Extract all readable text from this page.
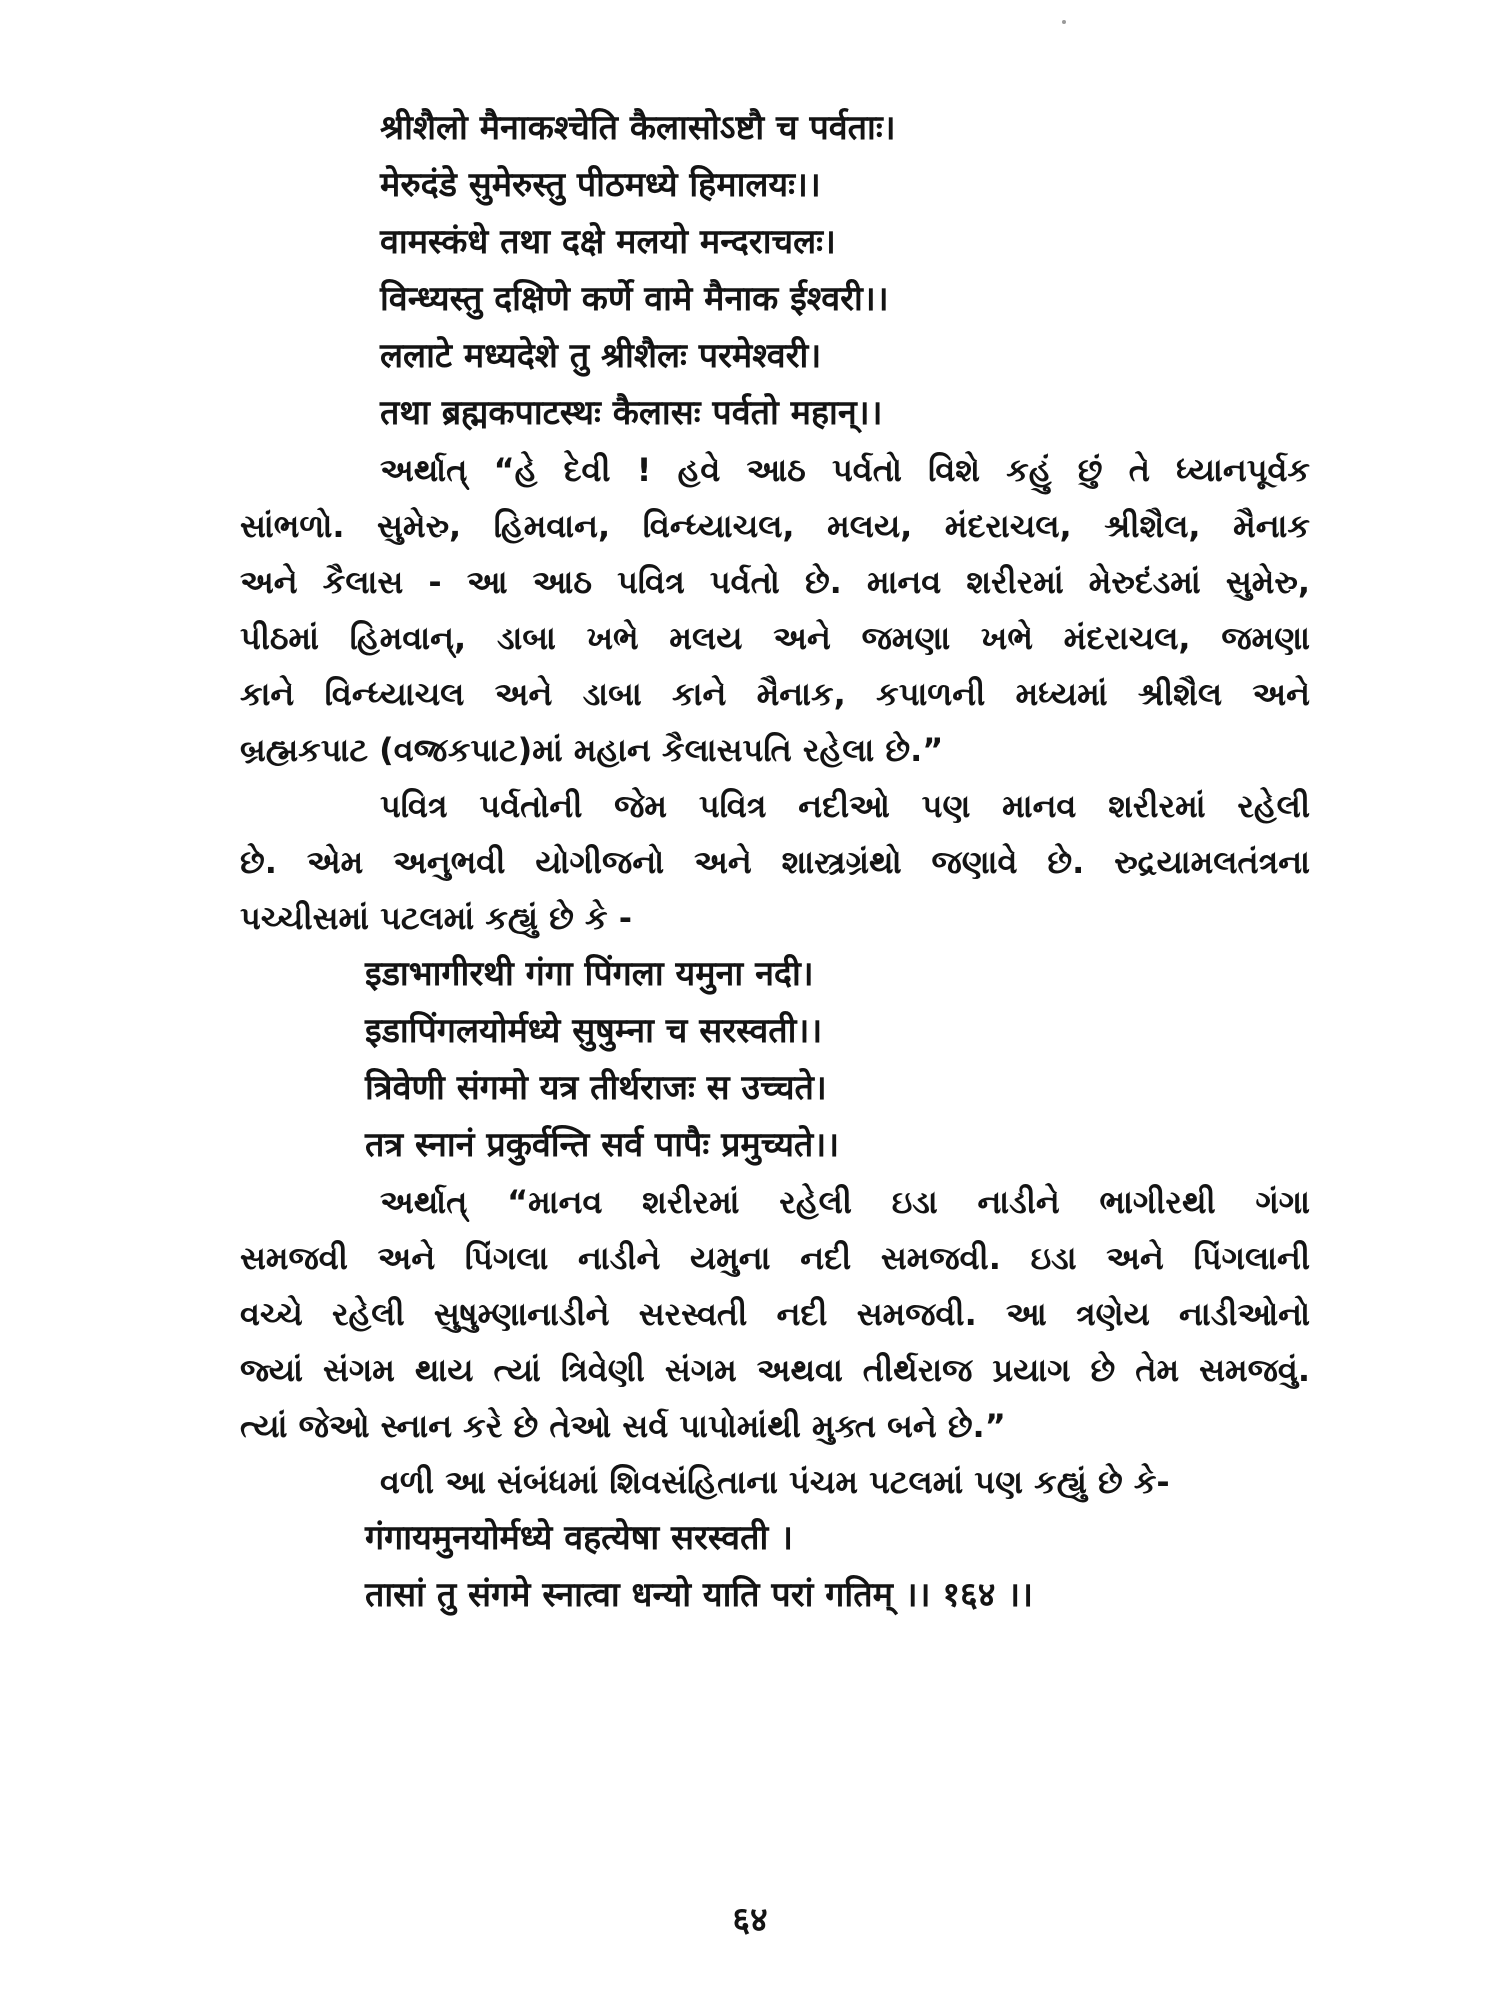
श्रीशैलो मैनाकश्चेति कैलासोऽष्टौ च पर्वताः।

मेरुदंडे सुमेरुस्तु पीठमध्ये हिमालयः।।

वामस्कंधे तथा दक्षे मलयो मन्दराचलः।

विन्ध्यस्तु दक्षिणे कर्णे वामे मैनाक ईश्वरी।।

ललाटे मध्यदेशे तु श्रीशैलः परमेश्वरी।

तथा ब्रह्मकपाटस्थः कैलासः पर्वतो महान्।।

અર્થાત્ “હે દેવી ! હવે આઠ પર્વતો વિશે કહું છું તે ધ્યાનપૂર્વક

સાંભળો. સુમેરુ, હિમવાન, વિન્ધ્યાચલ, મલય, મંદરાચલ, શ્રીશૈલ, મૈનાક

અને કૈલાસ - આ આઠ પવિત્ર પર્વતો છે. માનવ શરીરમાં મેરુદંડમાં સુમેરુ,

પીઠમાં હિમવાન્, ડાબા ખભે મલય અને જમણા ખભે મંદરાચલ, જમણા

કાને વિન્ધ્યાચલ અને ડાબા કાને મૈનાક, કપાળની મધ્યમાં શ્રીશૈલ અને

બ્રહ્મકપાટ (વજ્રકપાટ)માં મહાન કૈલાસપતિ રહેલા છે.”

પવિત્ર પર્વતોની જેમ પવિત્ર નદીઓ પણ માનવ શરીરમાં રહેલી

છે. એમ અનુભવી યોગીજનો અને શાસ્ત્રગ્રંથો જણાવે છે. રુદ્રયામલતંત્રના

પચ્ચીસમાં પટલમાં કહ્યું છે કે -

इडाभागीरथी गंगा पिंगला यमुना नदी।

इडापिंगलयोर्मध्ये सुषुम्ना च सरस्वती।।

त्रिवेणी संगमो यत्र तीर्थराजः स उच्चते।

तत्र स्नानं प्रकुर्वन्ति सर्व पापैः प्रमुच्यते।।

અર્થાત્ “માનવ શરીરમાં રહેલી ઇડા નાડીને ભાગીરથી ગંગા

સમજવી અને પિંગલા નાડીને યમુના નદી સમજવી. ઇડા અને પિંગલાની

વચ્ચે રહેલી સુષુમ્ણાનાડીને સરસ્વતી નદી સમજવી. આ ત્રણેય નાડીઓનો

જ્યાં સંગમ થાય ત્યાં ત્રિવેણી સંગમ અથવા તીર્થરાજ પ્રયાગ છે તેમ સમજવું.

ત્યાં જેઓ સ્નાન કરે છે તેઓ સર્વ પાપોમાંથી મુક્ત બને છે.”

વળી આ સંબંધમાં શિવસંહિતાના પંચમ પટલમાં પણ કહ્યું છે કે-

गंगायमुनयोर्मध्ये वहत्येषा सरस्वती ।

तासां तु संगमे स्नात्वा धन्यो याति परां गतिम् ।। १६४ ।।

६४
